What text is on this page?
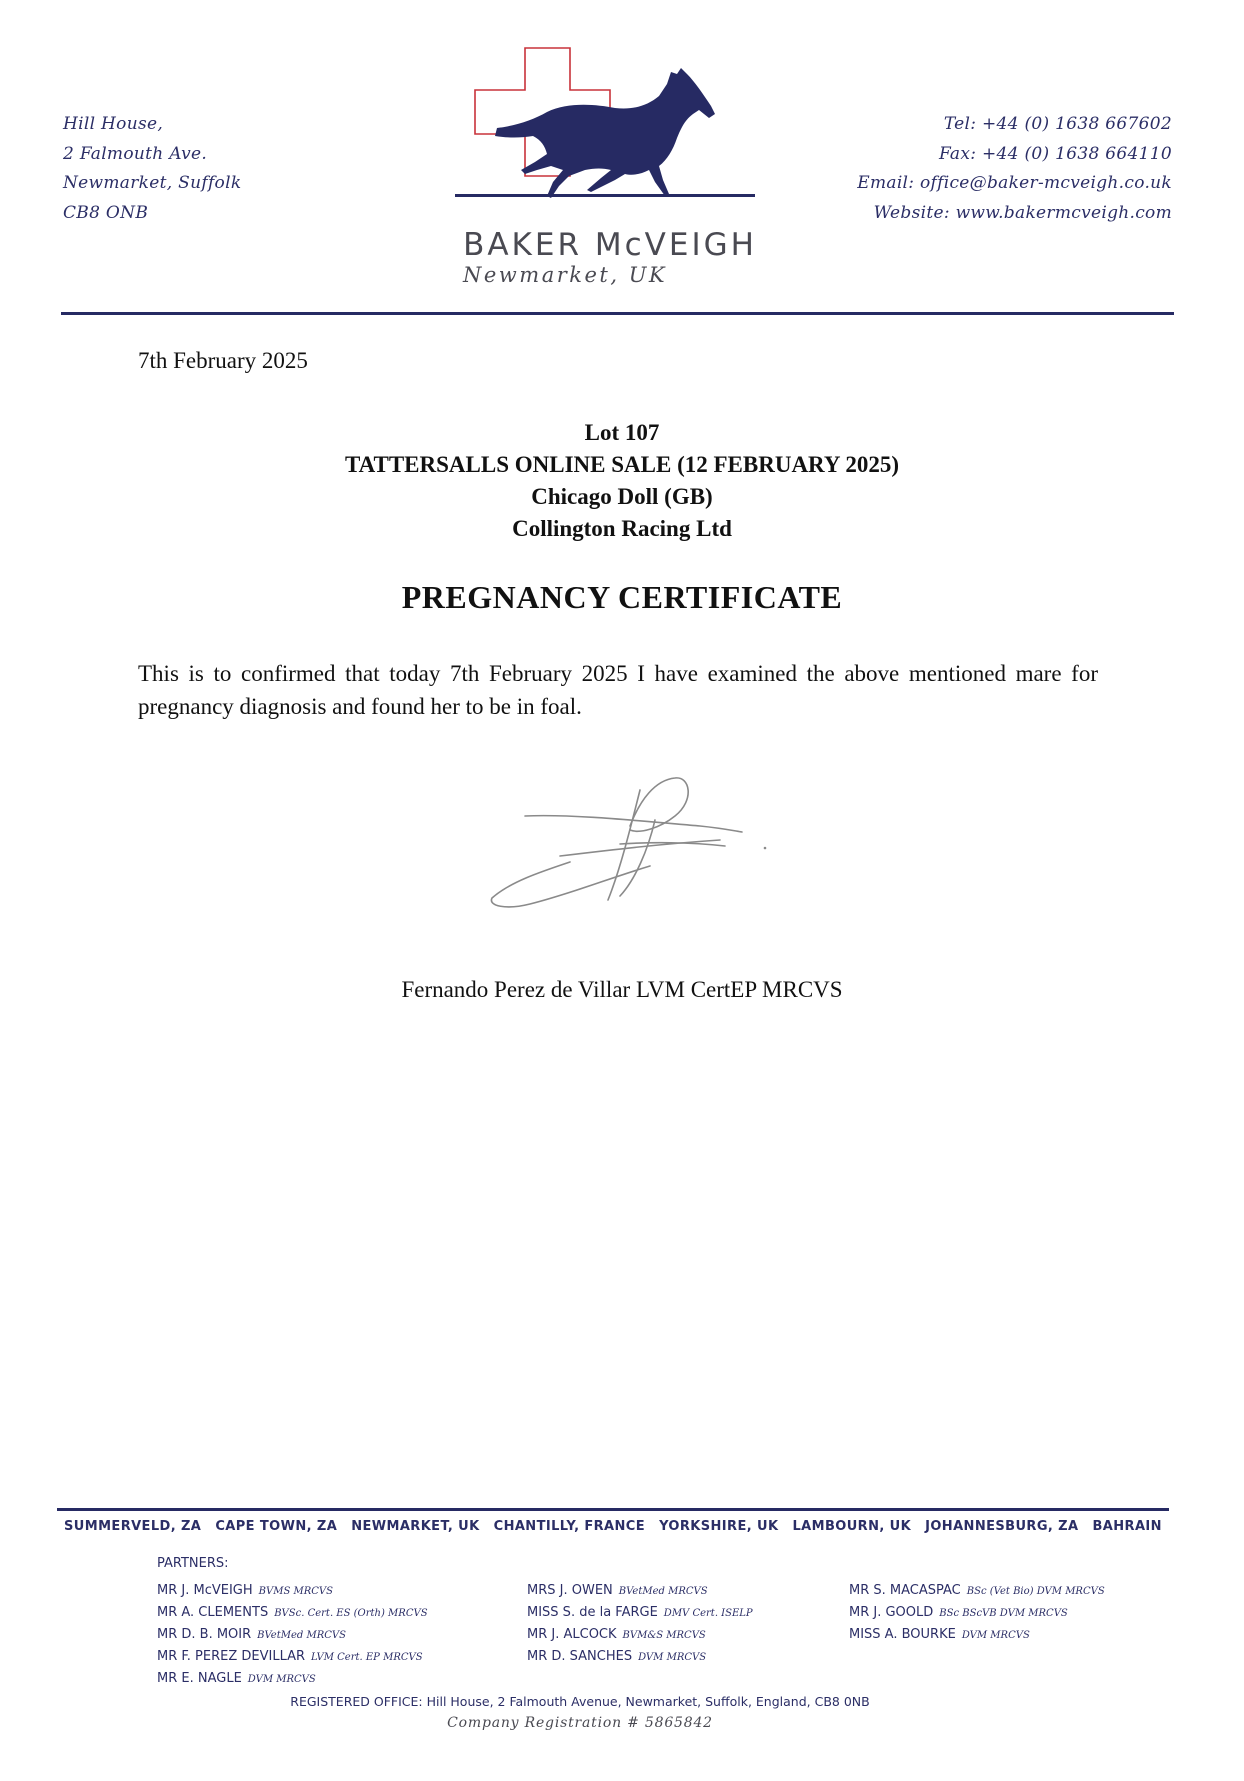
Hill House,
2 Falmouth Ave.
Newmarket, Suffolk
CB8 ONB
BAKER McVEIGH
Newmarket, UK
Tel: +44 (0) 1638 667602
Fax: +44 (0) 1638 664110
Email: office@baker-mcveigh.co.uk
Website: www.bakermcveigh.com
7th February 2025
Lot 107
TATTERSALLS ONLINE SALE (12 FEBRUARY 2025)
Chicago Doll (GB)
Collington Racing Ltd
PREGNANCY CERTIFICATE
This is to confirmed that today 7th February 2025 I have examined the above mentioned mare for pregnancy diagnosis and found her to be in foal.
Fernando Perez de Villar LVM CertEP MRCVS
SUMMERVELD, ZA CAPE TOWN, ZA NEWMARKET, UK CHANTILLY, FRANCE YORKSHIRE, UK LAMBOURN, UK JOHANNESBURG, ZA BAHRAIN
PARTNERS:
MR J. McVEIGH BVMS MRCVS
MR A. CLEMENTS BVSc. Cert. ES (Orth) MRCVS
MR D. B. MOIR BVetMed MRCVS
MR F. PEREZ DEVILLAR LVM Cert. EP MRCVS
MR E. NAGLE DVM MRCVS
MRS J. OWEN BVetMed MRCVS
MISS S. de la FARGE DMV Cert. ISELP
MR J. ALCOCK BVM&S MRCVS
MR D. SANCHES DVM MRCVS
MR S. MACASPAC BSc (Vet Bio) DVM MRCVS
MR J. GOOLD BSc BScVB DVM MRCVS
MISS A. BOURKE DVM MRCVS
REGISTERED OFFICE: Hill House, 2 Falmouth Avenue, Newmarket, Suffolk, England, CB8 0NB
Company Registration # 5865842
